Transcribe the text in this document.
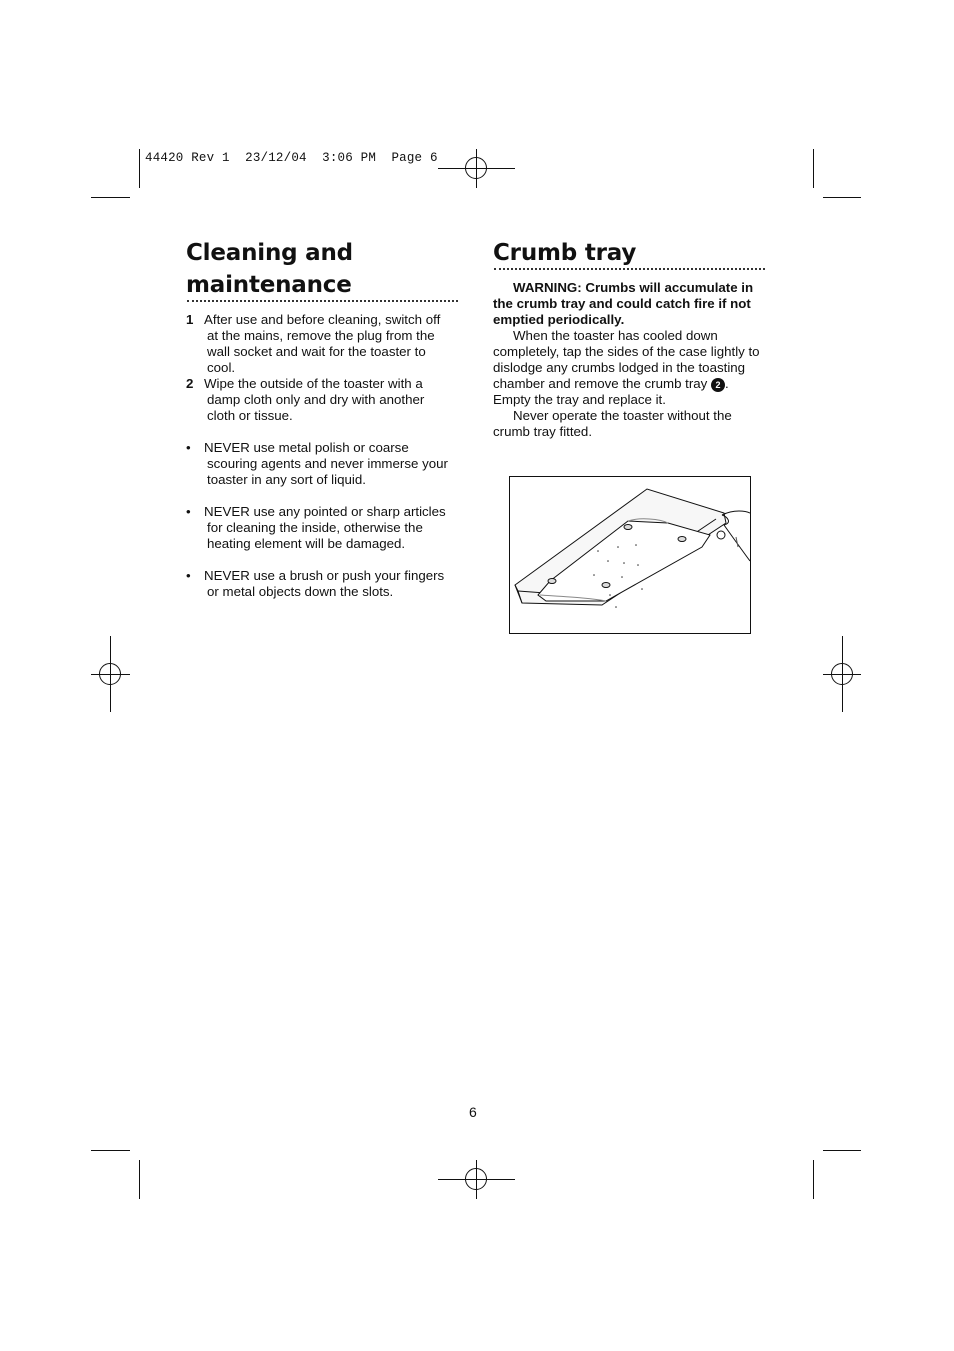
44420 Rev 1  23/12/04  3:06 PM  Page 6
Cleaning and
maintenance
1 After use and before cleaning, switch off
at the mains, remove the plug from the
wall socket and wait for the toaster to
cool.

2 Wipe the outside of the toaster with a
damp cloth only and dry with another
cloth or tissue.

•	NEVER use metal polish or coarse
scouring agents and never immerse your
toaster in any sort of liquid.

•	NEVER use any pointed or sharp articles
for cleaning the inside, otherwise the
heating element will be damaged.

•	NEVER use a brush or push your fingers
or metal objects down the slots.

Crumb tray

WARNING: Crumbs will accumulate in the crumb tray and could catch fire if not emptied periodically.

When the toaster has cooled down completely, tap the sides of the case lightly to dislodge any crumbs lodged in the toasting chamber and remove the crumb tray 2 . Empty the tray and replace it.

Never operate the toaster without the crumb tray fitted.

6
